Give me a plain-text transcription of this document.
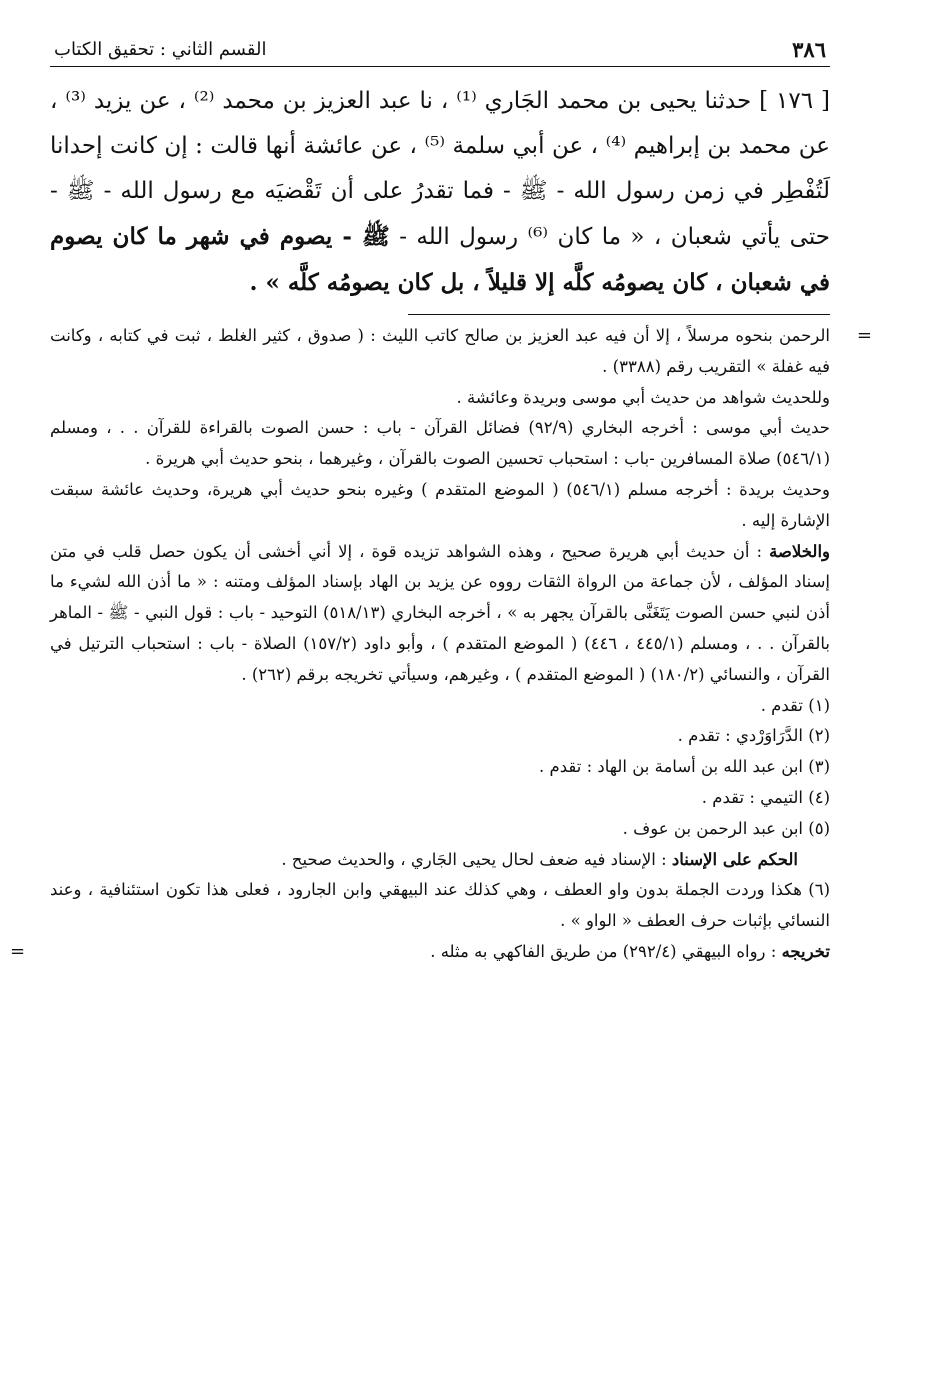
٣٨٦
القسم الثاني : تحقيق الكتاب

[ ١٧٦ ] حدثنا يحيى بن محمد الجَاري ⁽¹⁾ ، نا عبد العزيز بن محمد ⁽²⁾ ، عن يزيد ⁽³⁾ ، عن محمد بن إبراهيم ⁽⁴⁾ ، عن أبي سلمة ⁽⁵⁾ ، عن عائشة أنها قالت : إن كانت إحدانا لَتُفْطِر في زمن رسول الله - ﷺ - فما تقدرُ على أن تَقْضيَه مع رسول الله - ﷺ - حتى يأتي شعبان ، « ما كان ⁽⁶⁾ رسول الله - ﷺ - يصوم في شهر ما كان يصوم في شعبان ، كان يصومُه كلَّه إلا قليلاً ، بل كان يصومُه كلَّه » .

=
الرحمن بنحوه مرسلاً ، إلا أن فيه عبد العزيز بن صالح كاتب الليث : ( صدوق ، كثير الغلط ، ثبت في كتابه ، وكانت فيه غفلة » التقريب رقم (٣٣٨٨) .

وللحديث شواهد من حديث أبي موسى وبريدة وعائشة .

حديث أبي موسى : أخرجه البخاري (٩٢/٩) فضائل القرآن - باب : حسن الصوت بالقراءة للقرآن . . ، ومسلم (٥٤٦/١) صلاة المسافرين -باب : استحباب تحسين الصوت بالقرآن ، وغيرهما ، بنحو حديث أبي هريرة .

وحديث بريدة : أخرجه مسلم (٥٤٦/١) ( الموضع المتقدم ) وغيره بنحو حديث أبي هريرة، وحديث عائشة سبقت الإشارة إليه .

والخلاصة : أن حديث أبي هريرة صحيح ، وهذه الشواهد تزيده قوة ، إلا أني أخشى أن يكون حصل قلب في متن إسناد المؤلف ، لأن جماعة من الرواة الثقات رووه عن يزيد بن الهاد بإسناد المؤلف ومتنه : « ما أذن الله لشيء ما أذن لنبي حسن الصوت يَتَغَنَّى بالقرآن يجهر به » ، أخرجه البخاري (٥١٨/١٣) التوحيد - باب : قول النبي - ﷺ - الماهر بالقرآن . . ، ومسلم (٤٤٥/١ ، ٤٤٦) ( الموضع المتقدم ) ، وأبو داود (١٥٧/٢) الصلاة - باب : استحباب الترتيل في القرآن ، والنسائي (١٨٠/٢) ( الموضع المتقدم ) ، وغيرهم، وسيأتي تخريجه برقم (٢٦٢) .

(١) تقدم .

(٢) الدَّرَاوَرْدي : تقدم .

(٣) ابن عبد الله بن أسامة بن الهاد : تقدم .

(٤) التيمي : تقدم .

(٥) ابن عبد الرحمن بن عوف .

الحكم على الإسناد : الإسناد فيه ضعف لحال يحيى الجَاري ، والحديث صحيح .

(٦) هكذا وردت الجملة بدون واو العطف ، وهي كذلك عند البيهقي وابن الجارود ، فعلى هذا تكون استئنافية ، وعند النسائي بإثبات حرف العطف « الواو » .

تخريجه : رواه البيهقي (٢٩٢/٤) من طريق الفاكهي به مثله .
=
